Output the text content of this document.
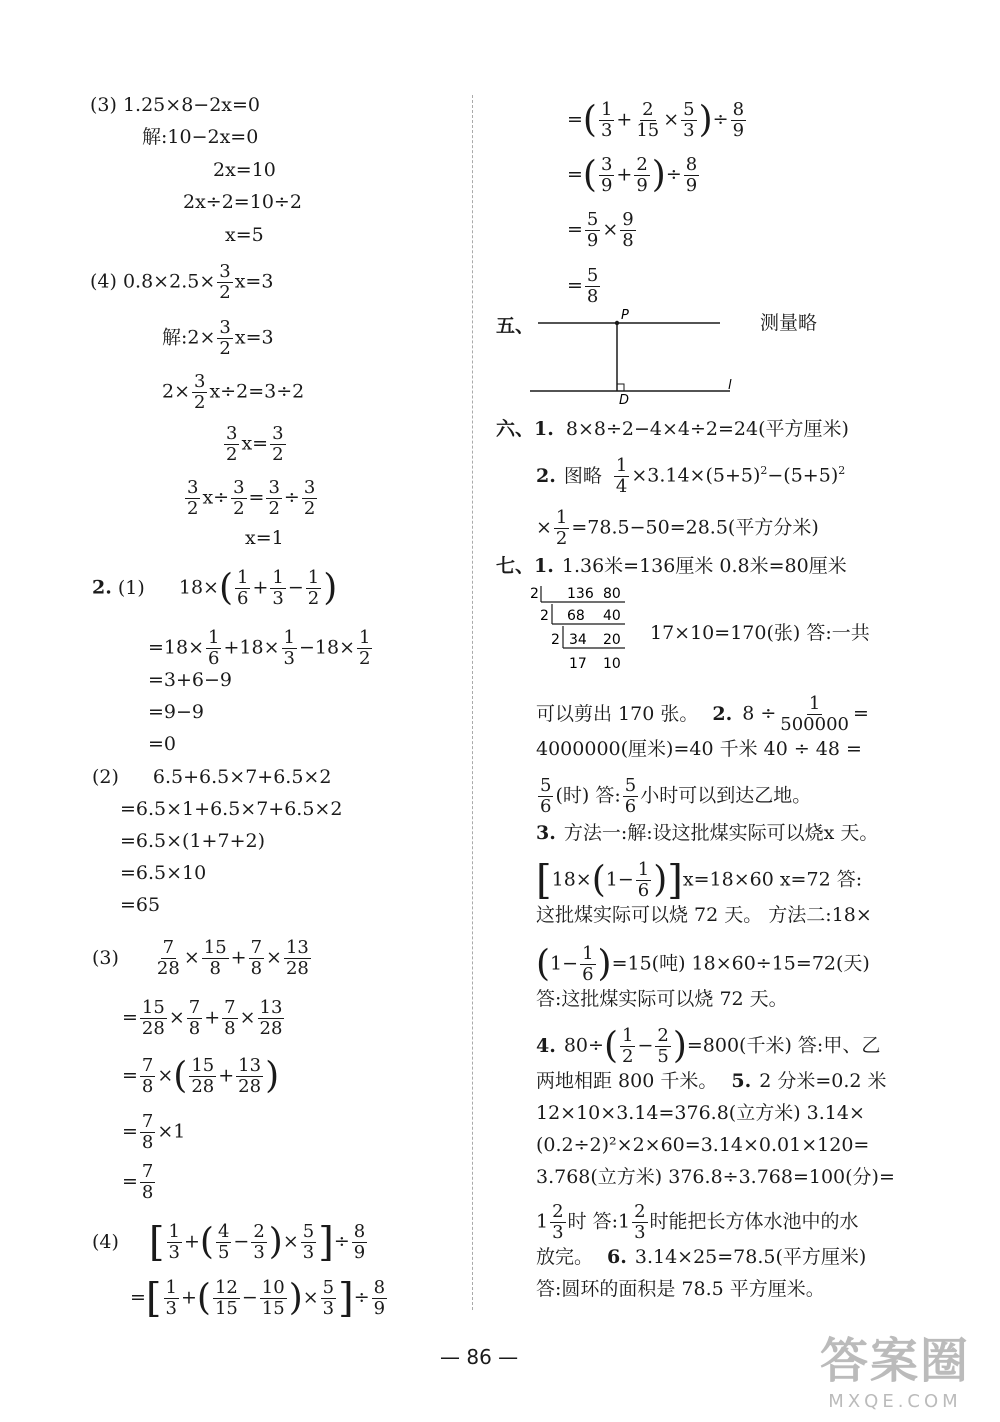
(3) 1.25×8−2x=0
解:10−2x=0
2x=10
2x÷2=10÷2
x=5
(4) $0.8\times 2.5\times \frac{3}{2} x=3$
解:2× $\frac{3}{2} x=3$
$2\times \frac{3}{2} x\div 2=3\div 2$
$\frac{3}{2} x= \frac{3}{2}$
$\frac{3}{2} x\div \frac{3}{2} = \frac{3}{2} \div \frac{3}{2}$
x=1
2. (1) $18\times( \frac{1}{6} + \frac{1}{3} - \frac{1}{2}$ )
$=18\times \frac{1}{6} +18\times \frac{1}{3} -18\times \frac{1}{2}$
=3+6−9
=9−9
=0
(2) 6.5+6.5×7+6.5×2
=6.5×1+6.5×7+6.5×2
=6.5×(1+7+2)
=6.5×10
=65
$(3) \frac{7}{28} \times \frac{15}{8} + \frac{7}{8} \times \frac{13}{28}$
= $\frac{15}{28} \times \frac{7}{8} + \frac{7}{8} \times \frac{13}{28}$
= $\frac{7}{8}$ ×( $\frac{15}{28} + \frac{13}{28}$ )
= $\frac{7}{8} \times 1$
= $\frac{7}{8}$
(4) [ $\frac{1}{3}$ +( $\frac{4}{5} - \frac{2}{3}$ )× $\frac{5}{3}$ ]÷ $\frac{8}{9}$
=[ $\frac{1}{3}$ +( $\frac{12}{15} - \frac{10}{15}$ )× $\frac{5}{3}$ ]÷ $\frac{8}{9}$
=( $\frac{1}{3} + \frac{2}{15} \times \frac{5}{3}$ )÷ $\frac{8}{9}$
=( $\frac{3}{9} + \frac{2}{9}$ )÷ $\frac{8}{9}$
= $\frac{5}{9} \times \frac{9}{8}$
= $\frac{5}{8}$
五、	P
D
l
测量略
六、1. 8×8÷2−4×4÷2=24(平方厘米)
2. 图略 $\frac{1}{4} \times 3.14\times(5+5)^2-(5+5)^2$
× $\frac{1}{2} =78.5-50=28.5$(平方分米)
七、1. 1.36米=136厘米 0.8米=80厘米
2 136 80
2 68 40
2 34 20
17 10
17×10=170(张) 答:一共
可以剪出 170 张。 2. $8 \div \frac{1}{500000}$ =
4000000(厘米)=40 千米 40 ÷ 48 =
$\frac{5}{6}$ (时) 答: $\frac{5}{6}$ 小时可以到达乙地。
3. 方法一:解:设这批煤实际可以烧x 天。
$[18\times(1- \frac{1}{6} )]x=18\times 60$ x=72 答:
这批煤实际可以烧 72 天。 方法二:18×
$(1- \frac{1}{6} )=15$(吨) 18×60÷15=72(天)
答:这批煤实际可以烧 72 天。
4. $80\div( \frac{1}{2} - \frac{2}{5} )=800$(千米) 答:甲、乙
两地相距 800 千米。 5. 2 分米=0.2 米
12×10×3.14=376.8(立方米) 3.14×
(0.2÷2)²×2×60=3.14×0.01×120=
3.768(立方米) 376.8÷3.768=100(分)=
$1 \frac{2}{3}$ 时 答:1 $\frac{2}{3}$ 时能把长方体水池中的水
放完。 6. 3.14×25=78.5(平方厘米)
答:圆环的面积是 78.5 平方厘米。
— 86 —	答案圈
MXQE.COM
